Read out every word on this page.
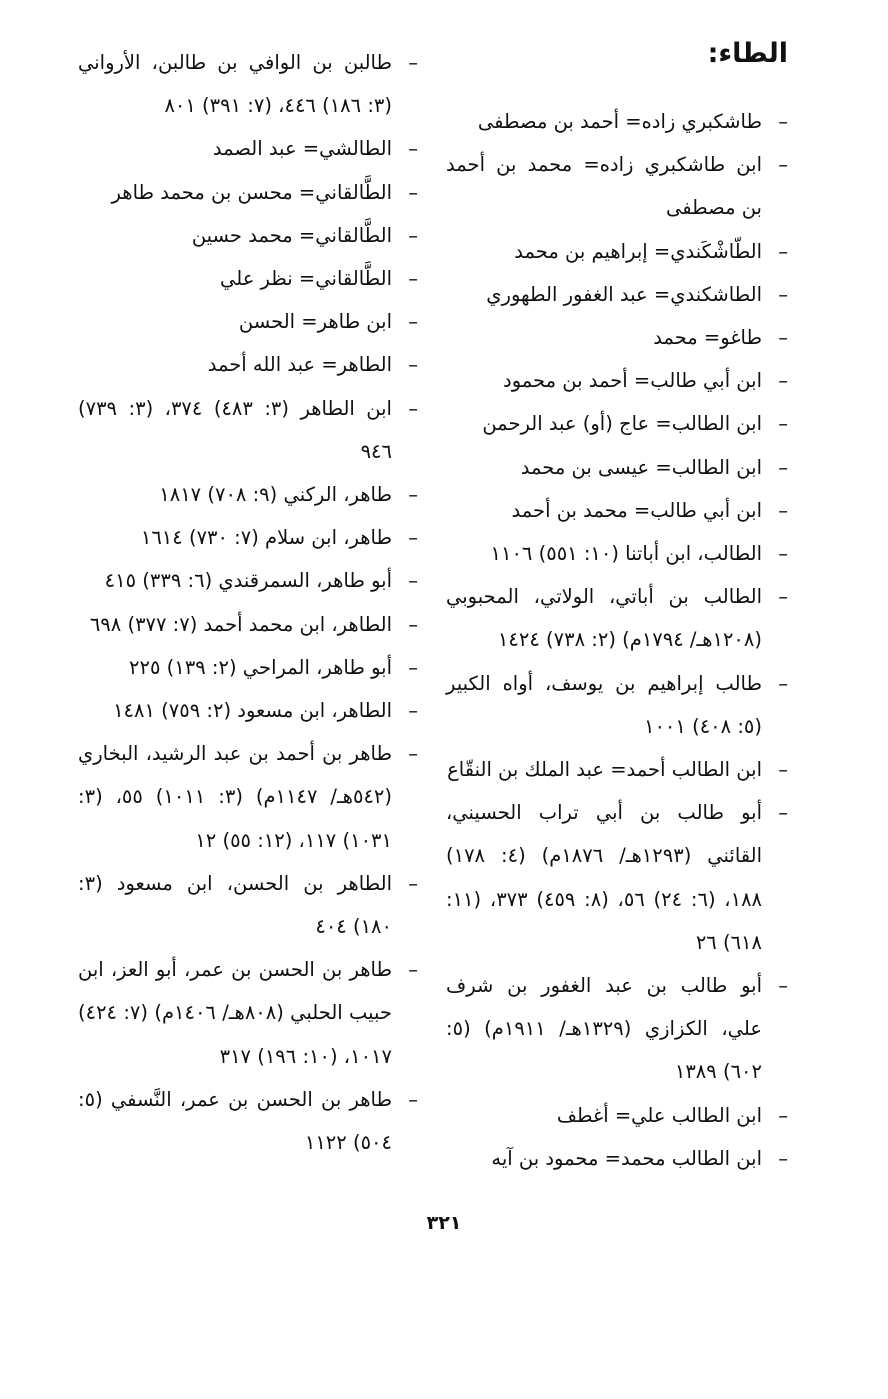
الطاء:
– طاشكبري زاده= أحمد بن مصطفى
– ابن طاشكبري زاده= محمد بن أحمد بن مصطفى
– الطّاشْكَندي= إبراهيم بن محمد
– الطاشكندي= عبد الغفور الطهوري
– طاغو= محمد
– ابن أبي طالب= أحمد بن محمود
– ابن الطالب= عاج (أو) عبد الرحمن
– ابن الطالب= عيسى بن محمد
– ابن أبي طالب= محمد بن أحمد
– الطالب، ابن أباتنا (١٠: ٥٥١) ١١٠٦
– الطالب بن أباتي، الولاتي، المحبوبي (١٢٠٨هـ/ ١٧٩٤م) (٢: ٧٣٨) ١٤٢٤
– طالب إبراهيم بن يوسف، أواه الكبير (٥: ٤٠٨) ١٠٠١
– ابن الطالب أحمد= عبد الملك بن النقّاع
– أبو طالب بن أبي تراب الحسيني، القائني (١٢٩٣هـ/ ١٨٧٦م) (٤: ١٧٨) ١٨٨، (٦: ٢٤) ٥٦، (٨: ٤٥٩) ٣٧٣، (١١: ٦١٨) ٢٦
– أبو طالب بن عبد الغفور بن شرف علي، الكزازي (١٣٢٩هـ/ ١٩١١م) (٥: ٦٠٢) ١٣٨٩
– ابن الطالب علي= أغطف
– ابن الطالب محمد= محمود بن آيه
– طالبن بن الوافي بن طالبن، الأرواني (٣: ١٨٦) ٤٤٦، (٧: ٣٩١) ٨٠١
– الطالشي= عبد الصمد
– الطَّالقاني= محسن بن محمد طاهر
– الطَّالقاني= محمد حسين
– الطَّالقاني= نظر علي
– ابن طاهر= الحسن
– الطاهر= عبد الله أحمد
– ابن الطاهر (٣: ٤٨٣) ٣٧٤، (٣: ٧٣٩) ٩٤٦
– طاهر، الركني (٩: ٧٠٨) ١٨١٧
– طاهر، ابن سلام (٧: ٧٣٠) ١٦١٤
– أبو طاهر، السمرقندي (٦: ٣٣٩) ٤١٥
– الطاهر، ابن محمد أحمد (٧: ٣٧٧) ٦٩٨
– أبو طاهر، المراحي (٢: ١٣٩) ٢٢٥
– الطاهر، ابن مسعود (٢: ٧٥٩) ١٤٨١
– طاهر بن أحمد بن عبد الرشيد، البخاري (٥٤٢هـ/ ١١٤٧م) (٣: ١٠١١) ٥٥، (٣: ١٠٣١) ١١٧، (١٢: ٥٥) ١٢
– الطاهر بن الحسن، ابن مسعود (٣: ١٨٠) ٤٠٤
– طاهر بن الحسن بن عمر، أبو العز، ابن حبيب الحلبي (٨٠٨هـ/ ١٤٠٦م) (٧: ٤٢٤) ١٠١٧، (١٠: ١٩٦) ٣١٧
– طاهر بن الحسن بن عمر، النَّسفي (٥: ٥٠٤) ١١٢٢
٣٢١
